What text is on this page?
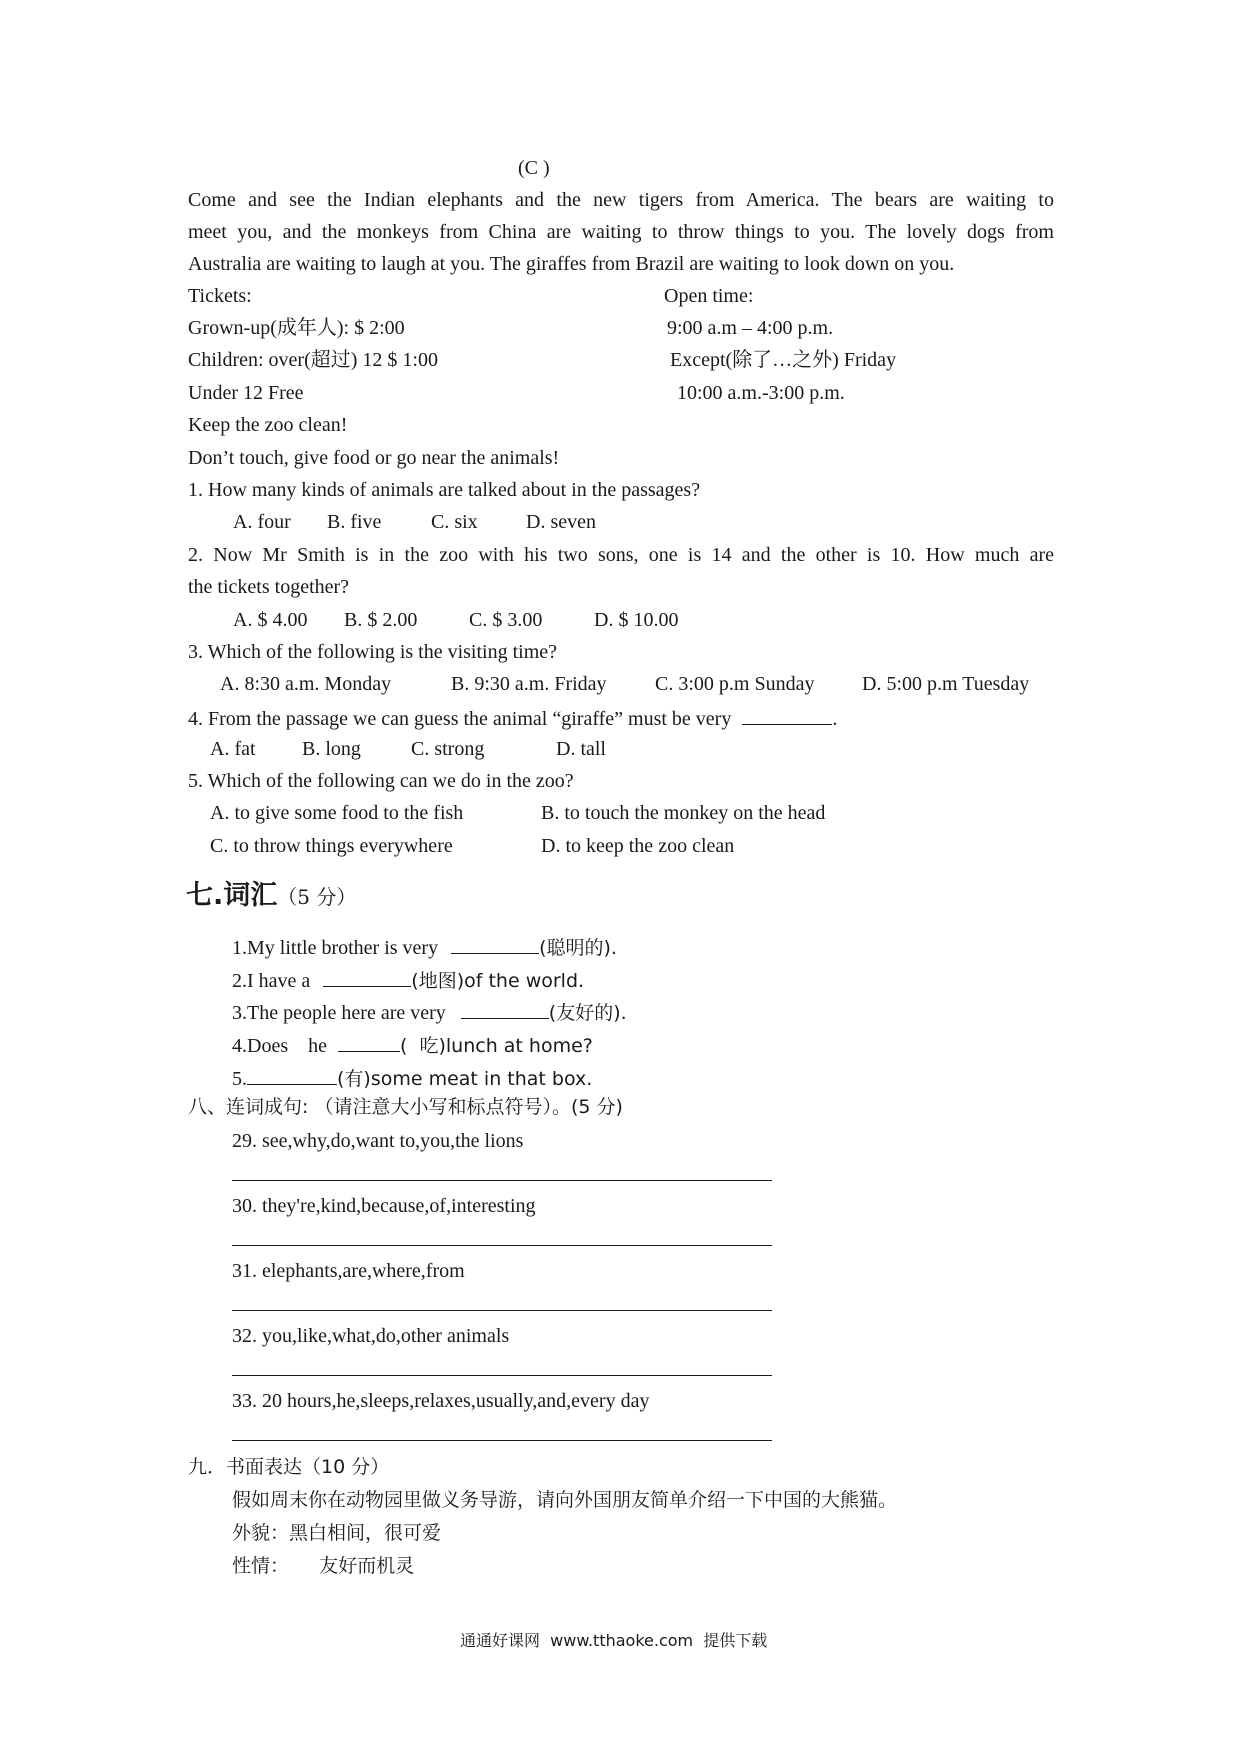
(C )
Come and see the Indian elephants and the new tigers from America. The bears are waiting to
meet you, and the monkeys from China are waiting to throw things to you. The lovely dogs from
Australia are waiting to laugh at you. The giraffes from Brazil are waiting to look down on you.
Tickets:	Open time:
Grown-up(成年人): $ 2:00	9:00 a.m – 4:00 p.m.
Children: over(超过) 12 $ 1:00	Except(除了…之外) Friday
Under 12 Free	10:00 a.m.-3:00 p.m.
Keep the zoo clean!
Don’t touch, give food or go near the animals!
1. How many kinds of animals are talked about in the passages?
A. four B. five C. six D. seven
2. Now Mr Smith is in the zoo with his two sons, one is 14 and the other is 10. How much are
the tickets together?
A. $ 4.00 B. $ 2.00	C. $ 3.00	D. $ 10.00
3. Which of the following is the visiting time?
A. 8:30 a.m. Monday	B. 9:30 a.m. Friday C. 3:00 p.m Sunday D. 5:00 p.m Tuesday
4. From the passage we can guess the animal “giraffe” must be very	.
A. fat B. long	C. strong	D. tall
5. Which of the following can we do in the zoo?
A. to give some food to the fish	B. to touch the monkey on the head
C. to throw things everywhere	D. to keep the zoo clean
七.词汇（5 分）
1.My little brother is very	(聪明的).
2.I have a	(地图)of the world.
3.The people here are very	(友好的).
4.Does    he	(  吃)lunch at home?
5.	(有)some meat in that box.
八、连词成句: （请注意大小写和标点符号）。(5 分)
29. see,why,do,want to,you,the lions
30. they're,kind,because,of,interesting
31. elephants,are,where,from
32. you,like,what,do,other animals
33. 20 hours,he,sleeps,relaxes,usually,and,every day
九．书面表达（10 分）
假如周末你在动物园里做义务导游，请向外国朋友简单介绍一下中国的大熊猫。
外貌：黑白相间，很可爱
性情：     友好而机灵
通通好课网  www.tthaoke.com  提供下载
